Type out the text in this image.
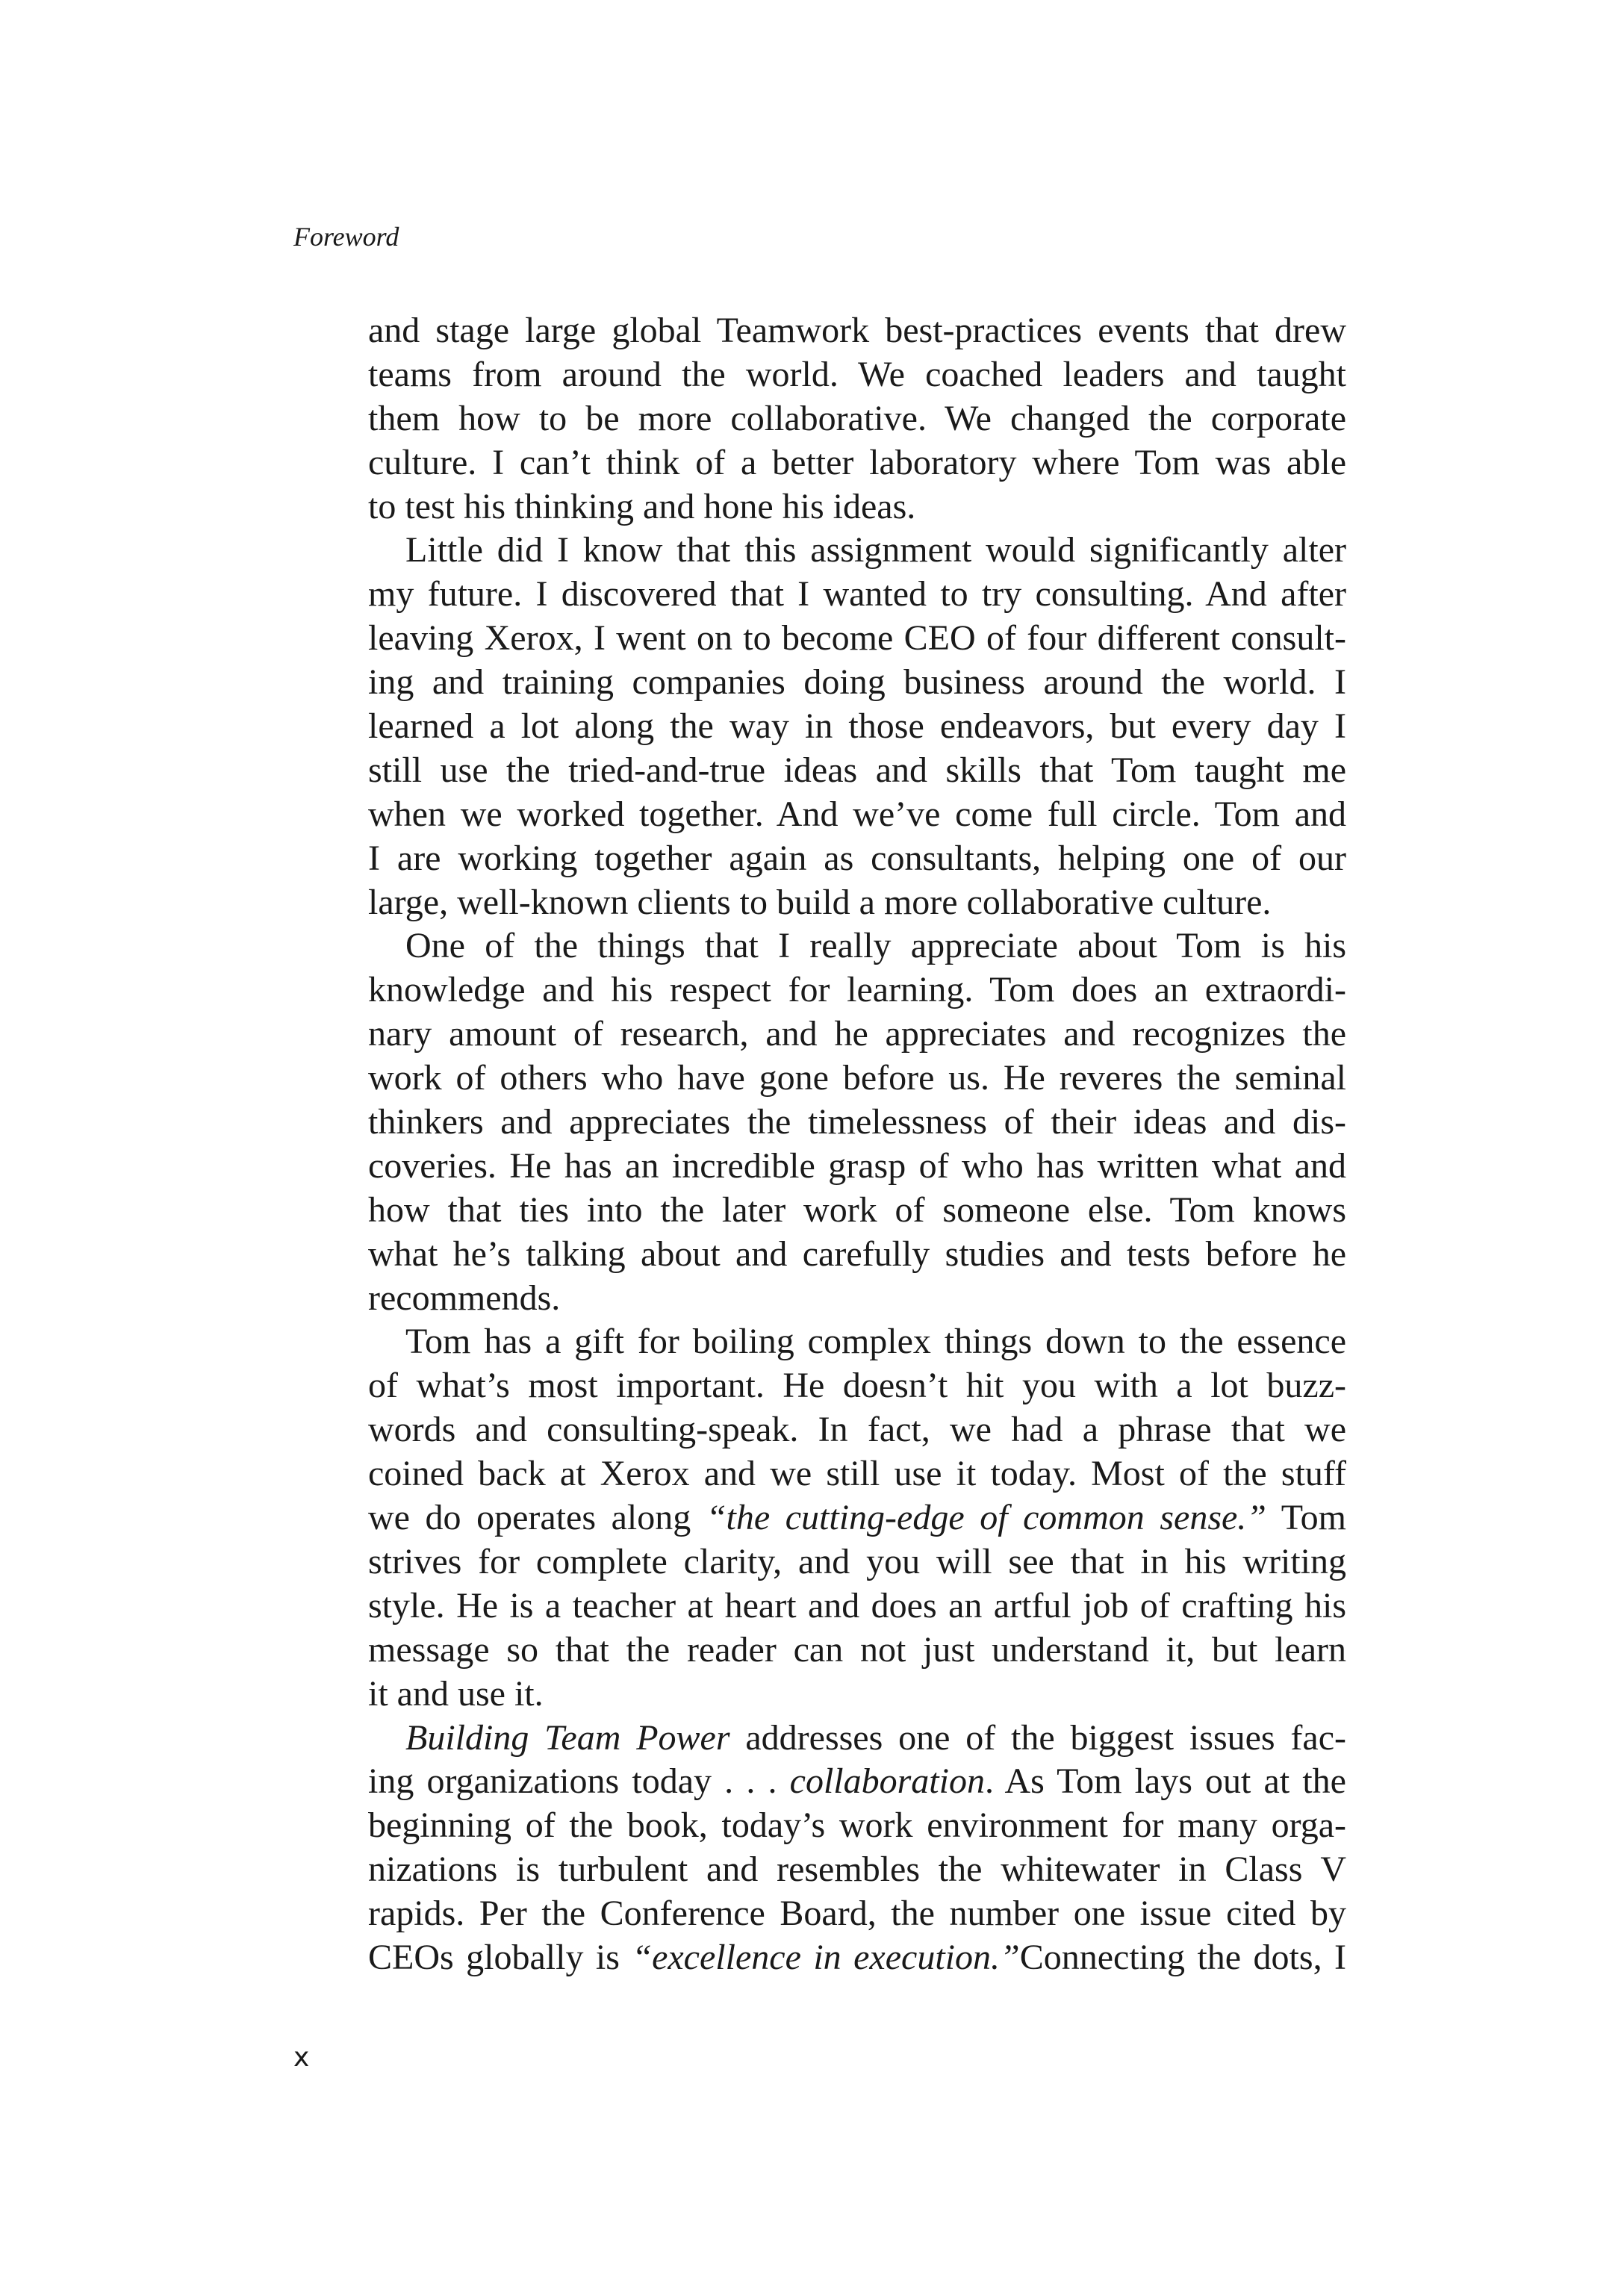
Foreword
and stage large global Teamwork best-practices events that drew
teams from around the world. We coached leaders and taught
them how to be more collaborative. We changed the corporate
culture. I can’t think of a better laboratory where Tom was able
to test his thinking and hone his ideas.
Little did I know that this assignment would significantly alter
my future. I discovered that I wanted to try consulting. And after
leaving Xerox, I went on to become CEO of four different consult-
ing and training companies doing business around the world. I
learned a lot along the way in those endeavors, but every day I
still use the tried-and-true ideas and skills that Tom taught me
when we worked together. And we’ve come full circle. Tom and
I are working together again as consultants, helping one of our
large, well-known clients to build a more collaborative culture.
One of the things that I really appreciate about Tom is his
knowledge and his respect for learning. Tom does an extraordi-
nary amount of research, and he appreciates and recognizes the
work of others who have gone before us. He reveres the seminal
thinkers and appreciates the timelessness of their ideas and dis-
coveries. He has an incredible grasp of who has written what and
how that ties into the later work of someone else. Tom knows
what he’s talking about and carefully studies and tests before he
recommends.
Tom has a gift for boiling complex things down to the essence
of what’s most important. He doesn’t hit you with a lot buzz-
words and consulting-speak. In fact, we had a phrase that we
coined back at Xerox and we still use it today. Most of the stuff
we do operates along “the cutting-edge of common sense.” Tom
strives for complete clarity, and you will see that in his writing
style. He is a teacher at heart and does an artful job of crafting his
message so that the reader can not just understand it, but learn
it and use it.
Building Team Power addresses one of the biggest issues fac-
ing organizations today . . . collaboration. As Tom lays out at the
beginning of the book, today’s work environment for many orga-
nizations is turbulent and resembles the whitewater in Class V
rapids. Per the Conference Board, the number one issue cited by
CEOs globally is “excellence in execution.”Connecting the dots, I
x
